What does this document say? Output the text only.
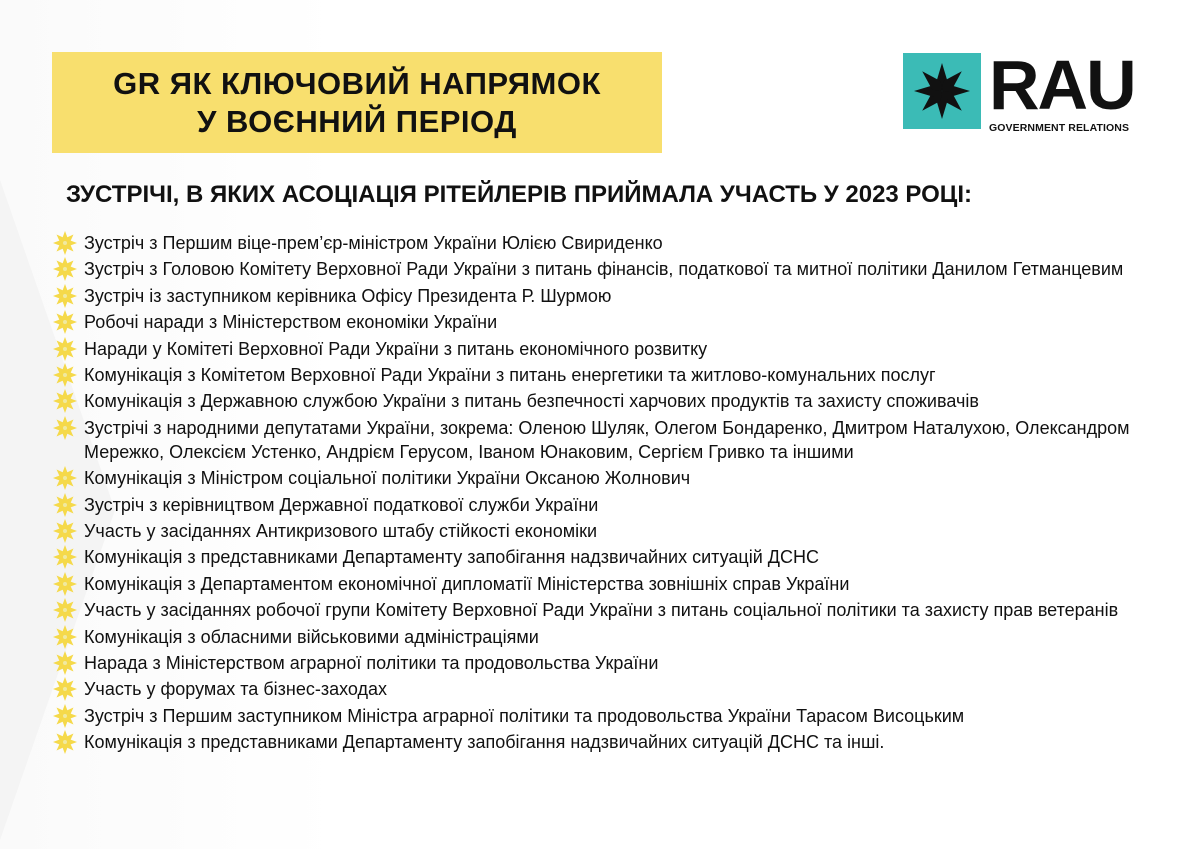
GR ЯК КЛЮЧОВИЙ НАПРЯМОК
У ВОЄННИЙ ПЕРІОД	RAU
GOVERNMENT RELATIONS
ЗУСТРІЧІ, В ЯКИХ АСОЦІАЦІЯ РІТЕЙЛЕРІВ ПРИЙМАЛА УЧАСТЬ У 2023 РОЦІ:
Зустріч з Першим віце-прем’єр-міністром України Юлією Свириденко
Зустріч з Головою Комітету Верховної Ради України з питань фінансів, податкової та митної політики Данилом Гетманцевим
Зустріч із заступником керівника Офісу Президента Р. Шурмою
Робочі наради з Міністерством економіки України
Наради у Комітеті Верховної Ради України з питань економічного розвитку
Комунікація з Комітетом Верховної Ради України з питань енергетики та житлово-комунальних послуг
Комунікація з Державною службою України з питань безпечності харчових продуктів та захисту споживачів
Зустрічі з народними депутатами України, зокрема: Оленою Шуляк, Олегом Бондаренко, Дмитром Наталухою, Олександром Мережко, Олексієм Устенко, Андрієм Герусом, Іваном Юнаковим, Сергієм Гривко та іншими
Комунікація з Міністром соціальної політики України Оксаною Жолнович
Зустріч з керівництвом Державної податкової служби України
Участь у засіданнях Антикризового штабу стійкості економіки
Комунікація з представниками Департаменту запобігання надзвичайних ситуацій ДСНС
Комунікація з Департаментом економічної дипломатії Міністерства зовнішніх справ України
Участь у засіданнях робочої групи Комітету Верховної Ради України з питань соціальної політики та захисту прав ветеранів
Комунікація з обласними військовими адміністраціями
Нарада з Міністерством аграрної політики та продовольства України
Участь у форумах та бізнес-заходах
Зустріч з Першим заступником Міністра аграрної політики та продовольства України Тарасом Висоцьким
Комунікація з представниками Департаменту запобігання надзвичайних ситуацій ДСНС та інші.
